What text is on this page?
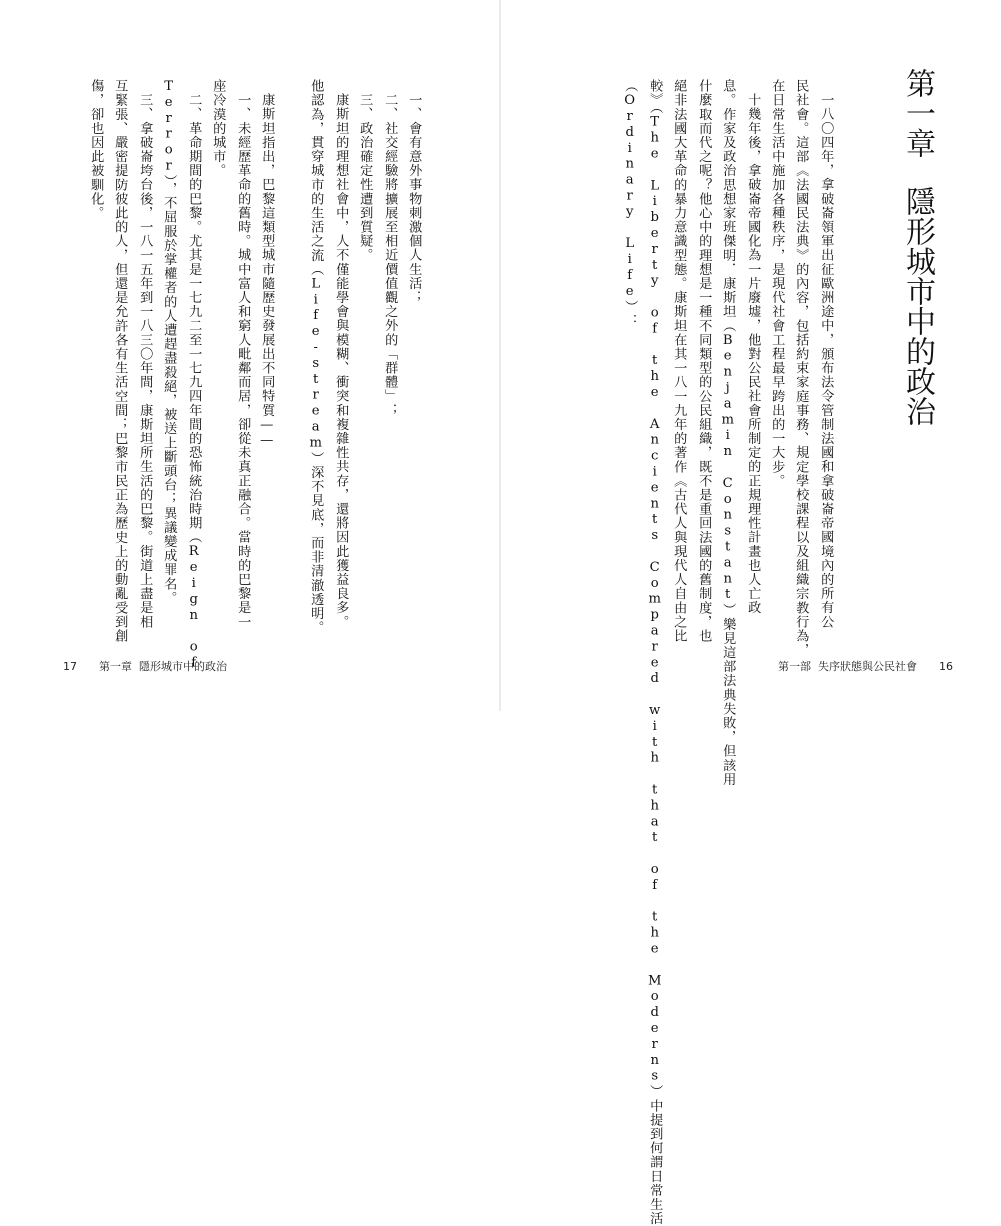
第一章隱形城市中的政治
一八〇四年，拿破崙領軍出征歐洲途中，頒布法令管制法國和拿破崙帝國境內的所有公
民社會。這部《法國民法典》的內容，包括約束家庭事務、規定學校課程以及組織宗教行為，
在日常生活中施加各種秩序，是現代社會工程最早跨出的一大步。
十幾年後，拿破崙帝國化為一片廢墟，他對公民社會所制定的正規理性計畫也人亡政
息。作家及政治思想家班傑明．康斯坦（Benjamin Constant）樂見這部法典失敗，但該用
什麼取而代之呢？他心中的理想是一種不同類型的公民組織，既不是重回法國的舊制度，也
絕非法國大革命的暴力意識型態。康斯坦在其一八一九年的著作《古代人與現代人自由之比
較》（The Liberty of the Ancients Compared with that of the Moderns）中提到何謂日常生活
（Ordinary Life）：
一、會有意外事物刺激個人生活；
二、社交經驗將擴展至相近價值觀之外的「群體」；
三、政治確定性遭到質疑。
康斯坦的理想社會中，人不僅能學會與模糊、衝突和複雜性共存，還將因此獲益良多。
他認為，貫穿城市的生活之流（Life-stream）深不見底，而非清澈透明。
康斯坦指出，巴黎這類型城市隨歷史發展出不同特質——
一、未經歷革命的舊時。城中富人和窮人毗鄰而居，卻從未真正融合。當時的巴黎是一
座冷漠的城市。
二、革命期間的巴黎。尤其是一七九二至一七九四年間的恐怖統治時期（Reign of
Terror），不屈服於掌權者的人遭趕盡殺絕，被送上斷頭台；異議變成罪名。
三、拿破崙垮台後，一八一五年到一八三〇年間，康斯坦所生活的巴黎。街道上盡是相
互緊張、嚴密提防彼此的人，但還是允許各有生活空間；巴黎市民正為歷史上的動亂受到創
傷，卻也因此被馴化。
17 第一章 隱形城市中的政治	第一部 失序狀態與公民社會 16
